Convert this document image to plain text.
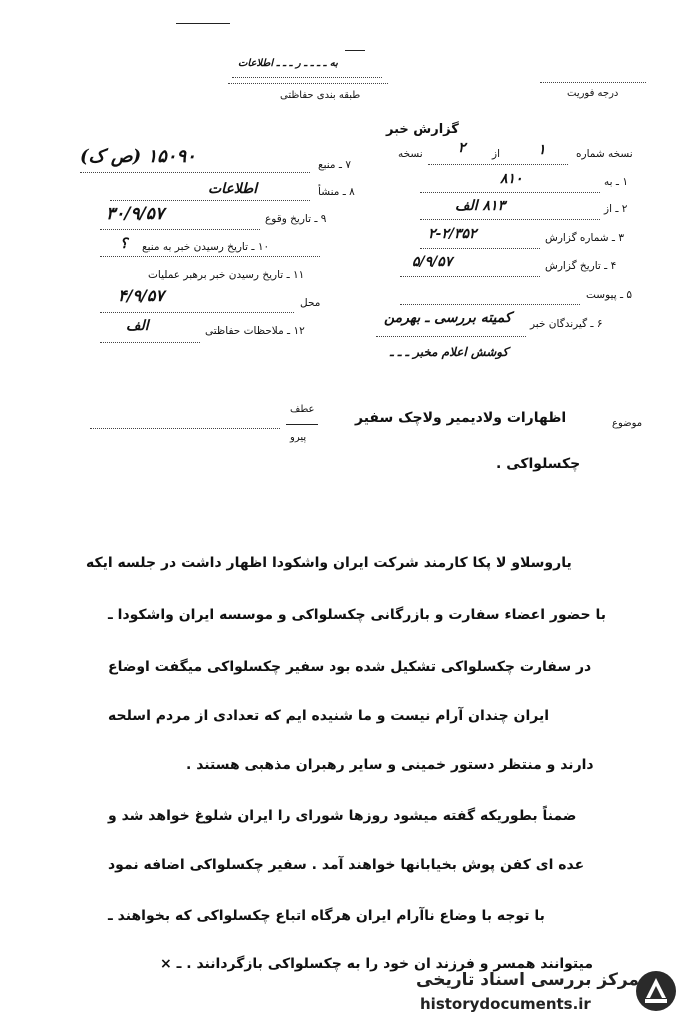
به ـ ـ ـ ـ ر ـ ـ ـ اطلاعات
طبقه بندی حفاظتی	درجه فوریت
گزارش خبر
نسخه شماره
۱
از
۲
نسخه
۱ ـ به
۸۱۰
۲ ـ از
۸۱۳ الف
۳ ـ شماره گزارش
۲-۲/۳۵۲
۴ ـ تاریخ گزارش
۵/۹/۵۷
۵ ـ پیوست
۶ ـ گیرندگان خبر
کمیته بررسی ـ بهرمن
کوشش اعلام مخبر ـ ـ ـ
۷ ـ منبع
۱۵۰۹۰ (ص ک)
۸ ـ منشأ
اطلاعات
۹ ـ تاریخ وقوع
۳۰/۹/۵۷
۱۰ ـ تاریخ رسیدن خبر به منبع
؟
۱۱ ـ تاریخ رسیدن خبر برهبر عملیات
محل
۴/۹/۵۷
۱۲ ـ ملاحظات حفاظتی
الف
موضوع
اظهارات ولادیمیر ولاچک سفیر
عطف
پیرو
چکسلواکی .
یاروسلاو لا پکا کارمند شرکت ایران واشکودا اظهار داشت در جلسه ایکه
با حضور اعضاء سفارت و بازرگانی چکسلواکی و موسسه ایران واشکودا ـ
در سفارت چکسلواکی تشکیل شده بود سفیر چکسلواکی میگفت اوضاع
ایران چندان آرام نیست و ما شنیده ایم که تعدادی از مردم اسلحه
دارند و منتظر دستور خمینی و سایر رهبران مذهبی هستند .
ضمناً بطوریکه گفته میشود روزها شورای را ایران شلوغ خواهد شد و
عده ای کفن پوش بخیابانها خواهند آمد . سفیر چکسلواکی اضافه نمود
با توجه با وضاع ناآرام ایران هرگاه اتباع چکسلواکی که بخواهند ـ
میتوانند همسر و فرزند ان خود را به چکسلواکی بازگردانند . ـ ×
مرکز بررسی اسناد تاریخی
historydocuments.ir
